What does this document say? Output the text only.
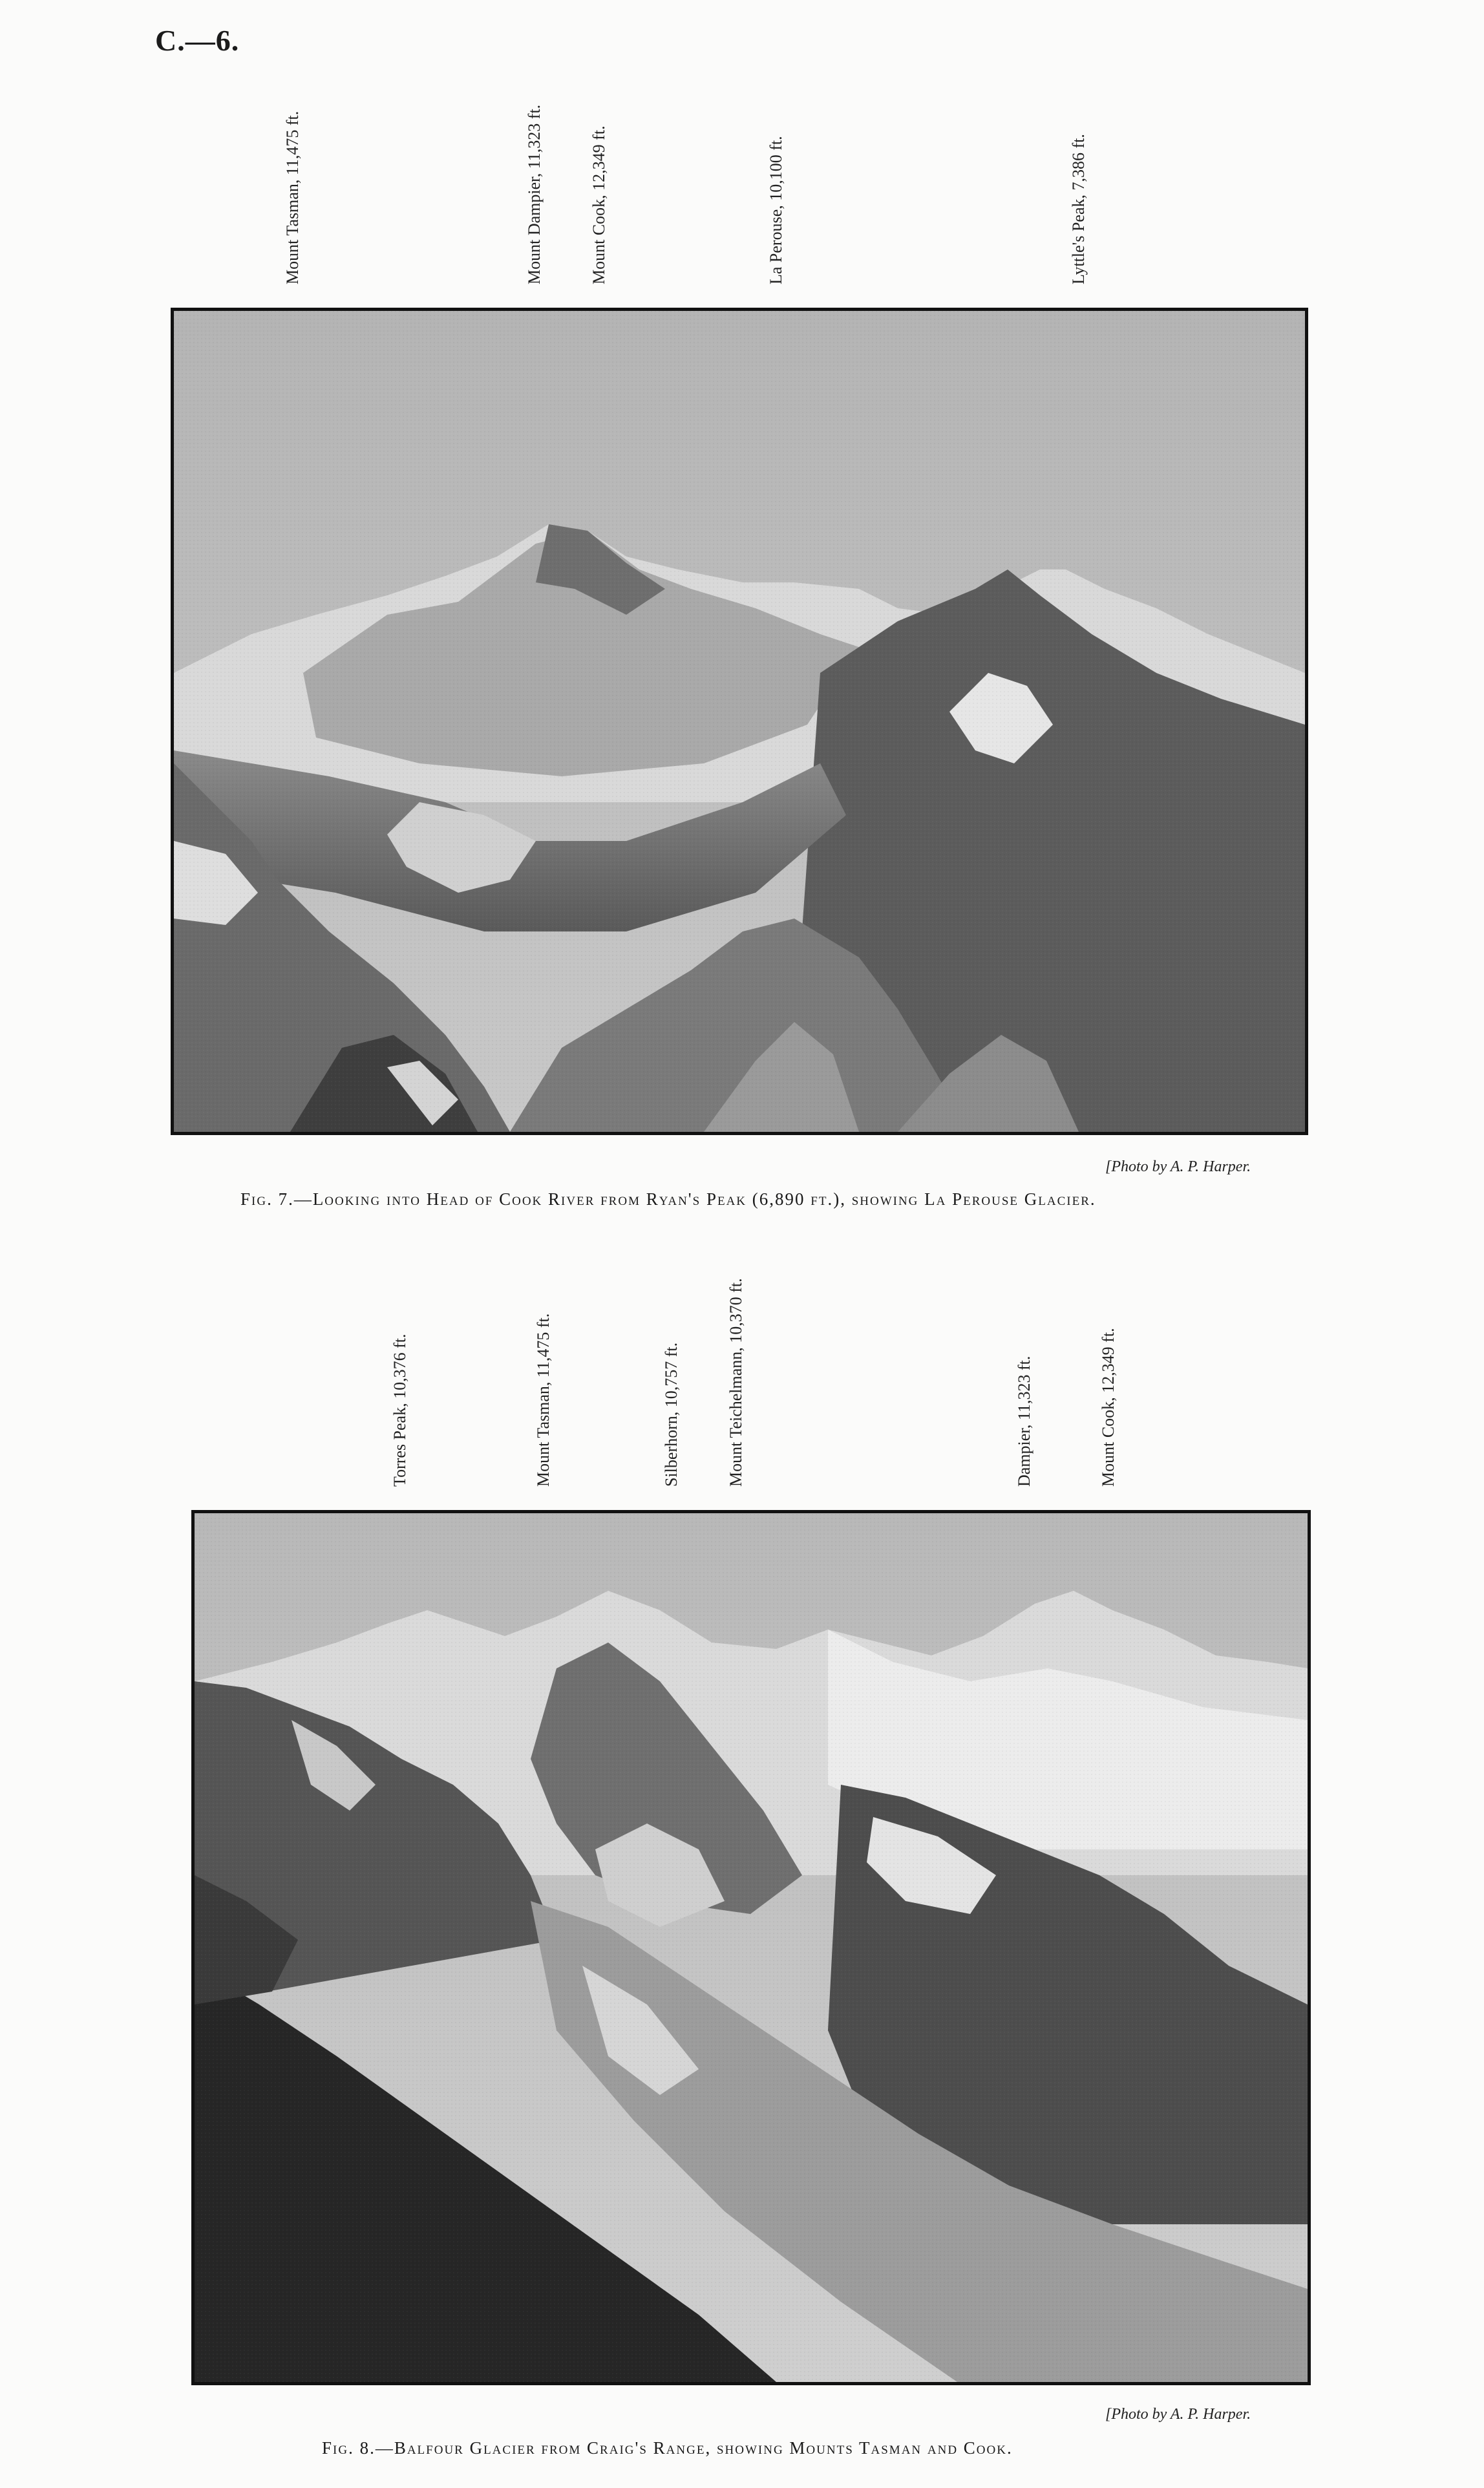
C.—6.
Mount Tasman, 11,475 ft.	Mount Dampier, 11,323 ft.	Mount Cook, 12,349 ft.	La Perouse, 10,100 ft.	Lyttle's Peak, 7,386 ft.
[Photo by A. P. Harper.
Fig. 7.—Looking into Head of Cook River from Ryan's Peak (6,890 ft.), showing La Perouse Glacier.
Torres Peak, 10,376 ft.	Mount Tasman, 11,475 ft.	Silberhorn, 10,757 ft.	Mount Teichelmann, 10,370 ft.	Dampier, 11,323 ft.	Mount Cook, 12,349 ft.
[Photo by A. P. Harper.
Fig. 8.—Balfour Glacier from Craig's Range, showing Mounts Tasman and Cook.
